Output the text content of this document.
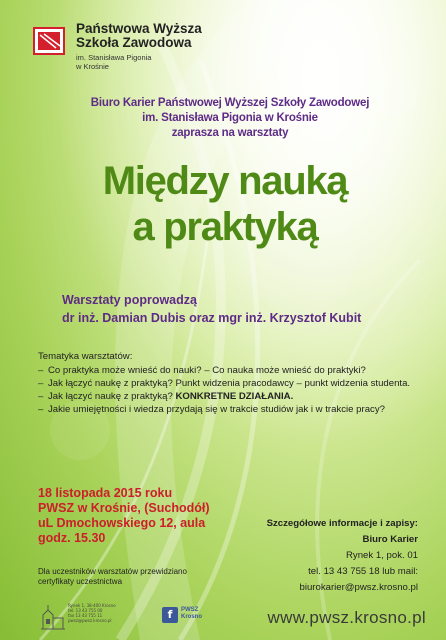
Państwowa Wyższa
Szkoła Zawodowa
im. Stanisława Pigonia
w Krośnie
Biuro Karier Państwowej Wyższej Szkoły Zawodowej
im. Stanisława Pigonia w Krośnie
zaprasza na warsztaty
Między nauką
a praktyką
Warsztaty poprowadzą
dr inż. Damian Dubis oraz mgr inż. Krzysztof Kubit
Tematyka warsztatów:
– Co praktyka może wnieść do nauki? – Co nauka może wnieść do praktyki?
– Jak łączyć naukę z praktyką? Punkt widzenia pracodawcy – punkt widzenia studenta.
– Jak łączyć naukę z praktyką? KONKRETNE DZIAŁANIA.
– Jakie umiejętności i wiedza przydają się w trakcie studiów jak i w trakcie pracy?
18 listopada 2015 roku
PWSZ w Krośnie, (Suchodół)
uL Dmochowskiego 12, aula
godz. 15.30
Szczegółowe informacje i zapisy:
Biuro Karier
Rynek 1, pok. 01
tel. 13 43 755 18 lub mail:
biurokarier@pwsz.krosno.pl
Dla uczestników warsztatów przewidziano
certyfikaty uczestnictwa
Rynek 1, 38-400 Krosno
tel. 13 43 755 00
fax 13 43 755 11
pwsz@pwsz.krosno.pl	f	PWSZ
Krosno	www.pwsz.krosno.pl
